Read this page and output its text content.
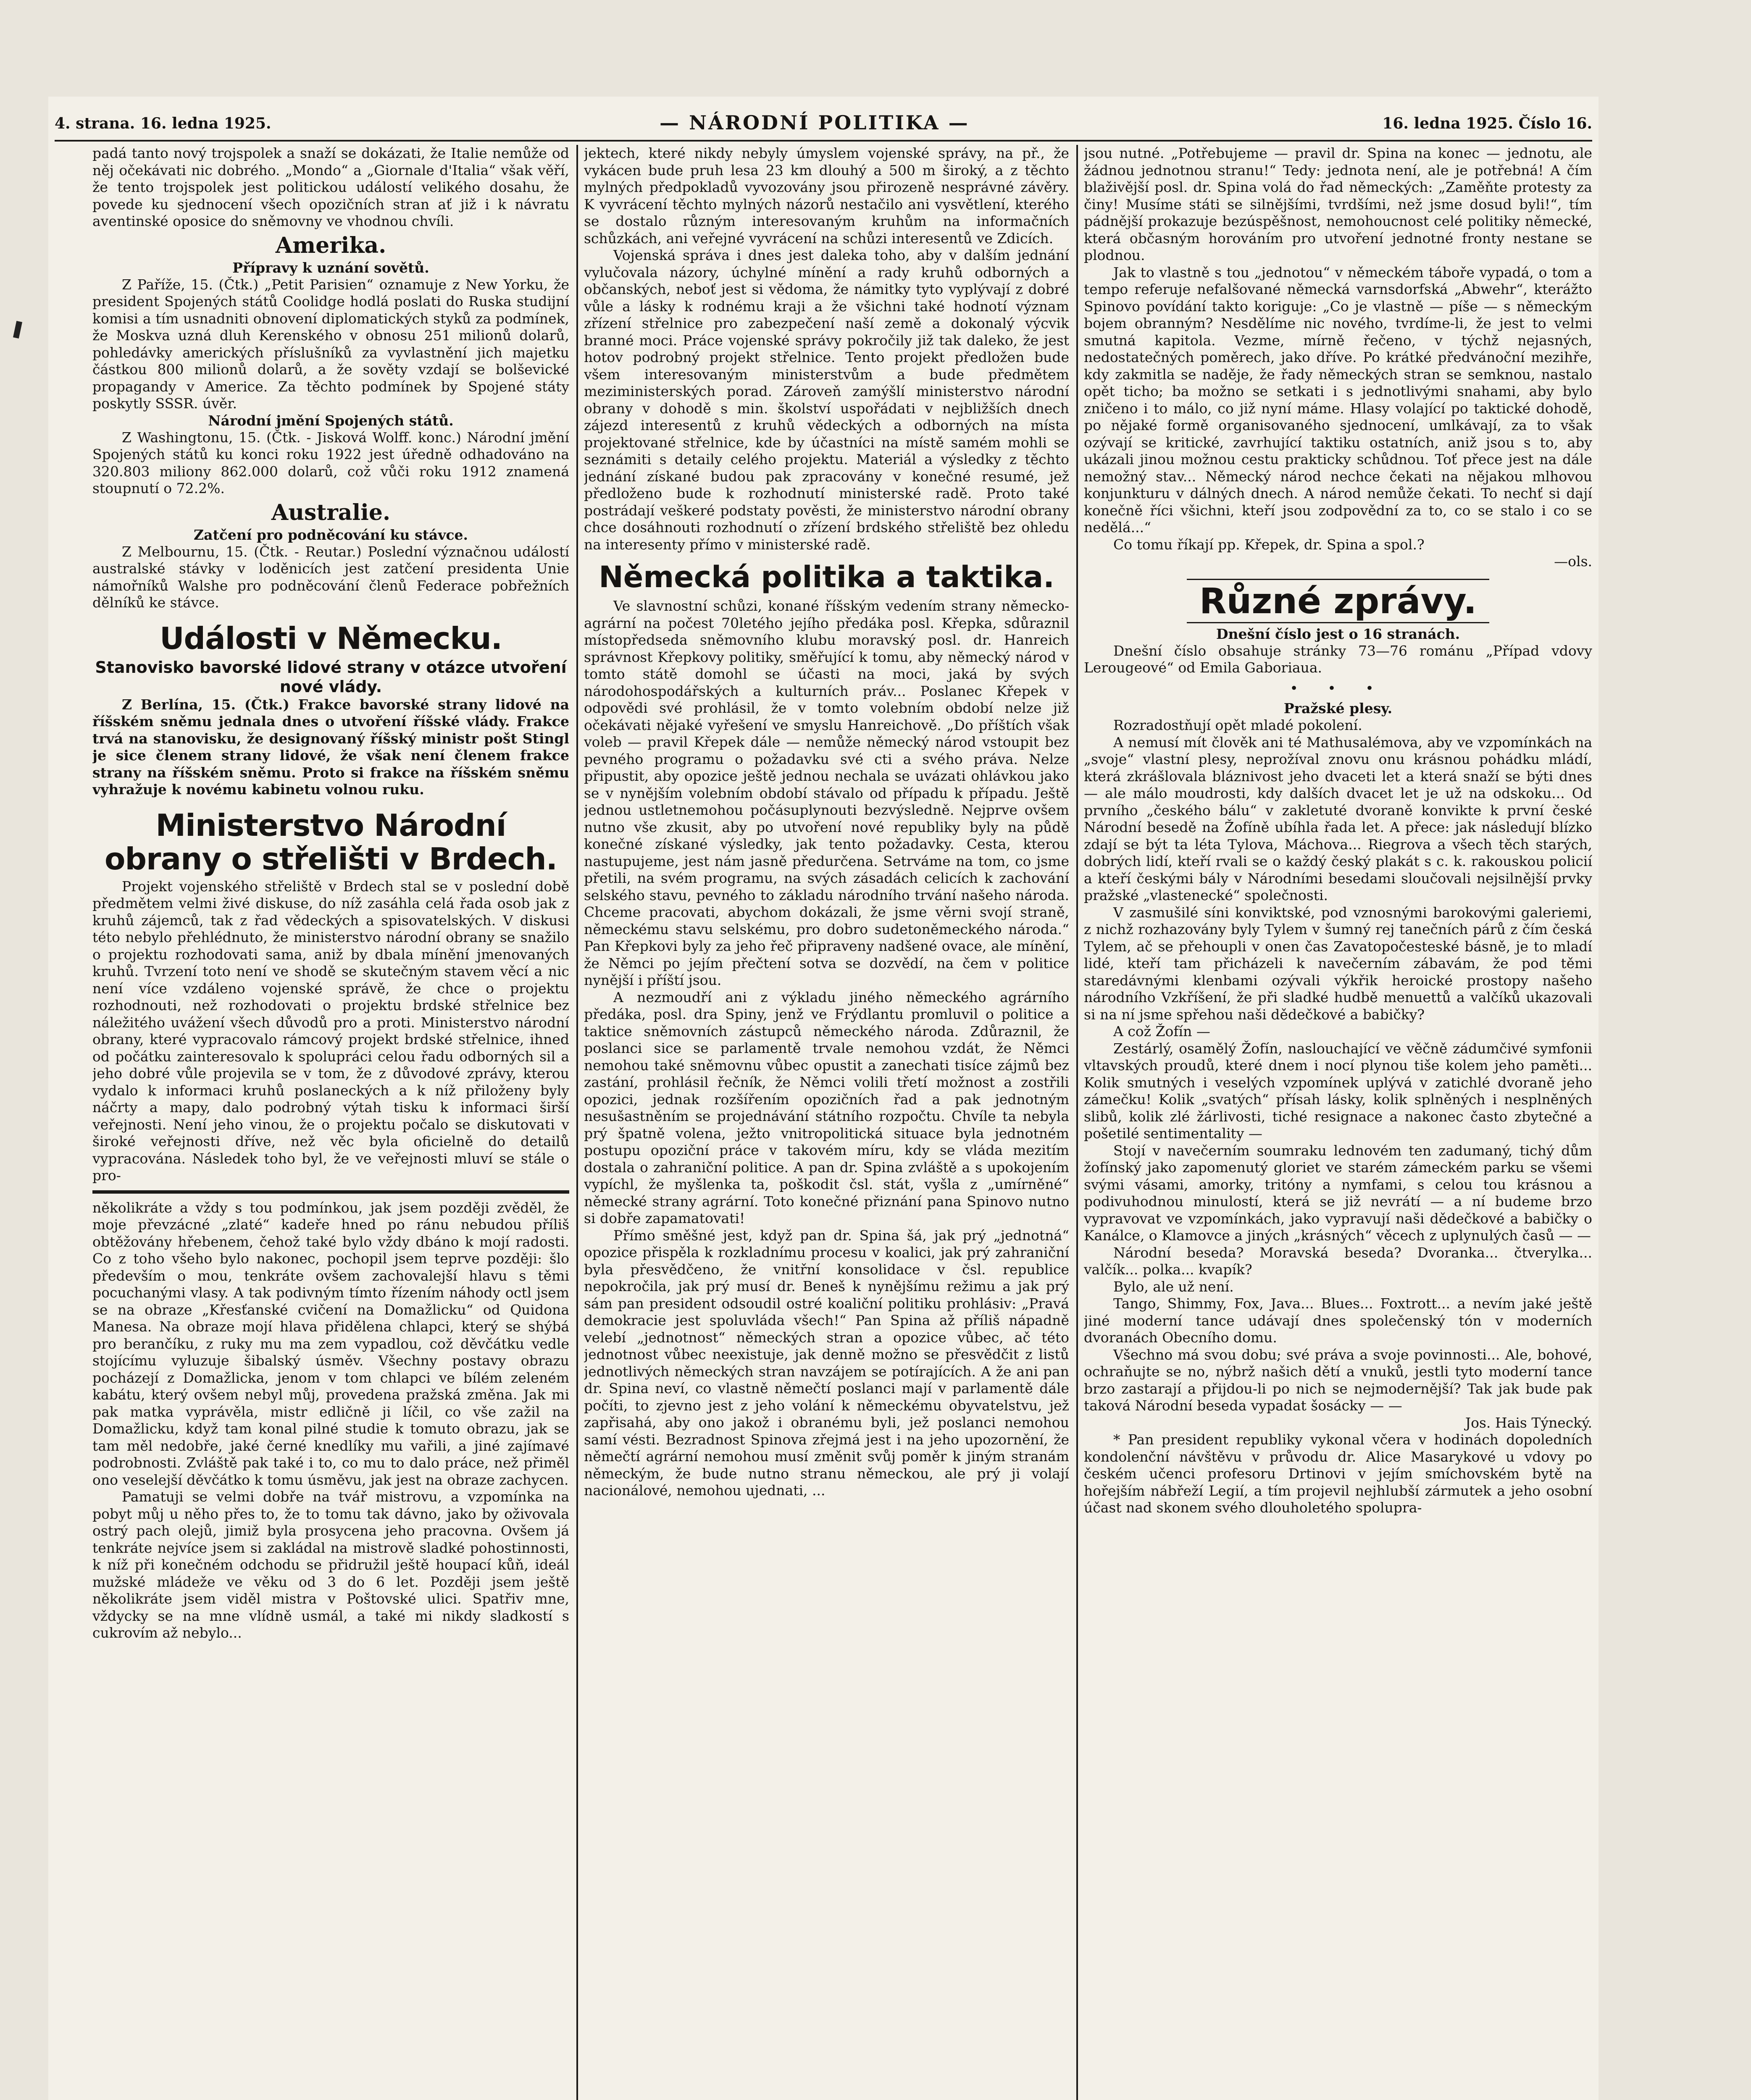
4. strana. 16. ledna 1925.	— NÁRODNÍ POLITIKA —	16. ledna 1925. Číslo 16.

padá tanto nový trojspolek a snaží se dokázati, že Italie nemůže od něj očekávati nic dobrého. „Mondo“ a „Giornale d'Italia“ však věří, že tento trojspolek jest politickou událostí velikého dosahu, že povede ku sjednocení všech opozičních stran ať již i k návratu aventinské oposice do sněmovny ve vhodnou chvíli.

Amerika.
Přípravy k uznání sovětů.

Z Paříže, 15. (Čtk.) „Petit Parisien“ oznamuje z New Yorku, že president Spojených států Coolidge hodlá poslati do Ruska studijní komisi a tím usnadniti obnovení diplomatických styků za podmínek, že Moskva uzná dluh Kerenského v obnosu 251 milionů dolarů, pohledávky amerických příslušníků za vyvlastnění jich majetku částkou 800 milionů dolarů, a že sověty vzdají se bolševické propagandy v Americe. Za těchto podmínek by Spojené státy poskytly SSSR. úvěr.

Národní jmění Spojených států.

Z Washingtonu, 15. (Čtk. - Jisková Wolff. konc.) Národní jmění Spojených států ku konci roku 1922 jest úředně odhadováno na 320.803 miliony 862.000 dolarů, což vůči roku 1912 znamená stoupnutí o 72.2%.

Australie.
Zatčení pro podněcování ku stávce.

Z Melbournu, 15. (Čtk. - Reutar.) Poslední význačnou událostí australské stávky v loděnicích jest zatčení presidenta Unie námořníků Walshe pro podněcování členů Federace pobřežních dělníků ke stávce.

Události v Německu.
Stanovisko bavorské lidové strany v otázce utvoření nové vlády.

Z Berlína, 15. (Čtk.) Frakce bavorské strany lidové na říšském sněmu jednala dnes o utvoření říšské vlády. Frakce trvá na stanovisku, že designovaný říšský ministr pošt Stingl je sice členem strany lidové, že však není členem frakce strany na říšském sněmu. Proto si frakce na říšském sněmu vyhražuje k novému kabinetu volnou ruku.

Ministerstvo Národní obrany o střelišti v Brdech.

Projekt vojenského střeliště v Brdech stal se v poslední době předmětem velmi živé diskuse, do níž zasáhla celá řada osob jak z kruhů zájemců, tak z řad vědeckých a spisovatelských. V diskusi této nebylo přehlédnuto, že ministerstvo národní obrany se snažilo o projektu rozhodovati sama, aniž by dbala mínění jmenovaných kruhů. Tvrzení toto není ve shodě se skutečným stavem věcí a nic není více vzdáleno vojenské správě, že chce o projektu rozhodnouti, než rozhodovati o projektu brdské střelnice bez náležitého uvážení všech důvodů pro a proti. Ministerstvo národní obrany, které vypracovalo rámcový projekt brdské střelnice, ihned od počátku zainteresovalo k spolupráci celou řadu odborných sil a jeho dobré vůle projevila se v tom, že z důvodové zprávy, kterou vydalo k informaci kruhů poslaneckých a k níž přiloženy byly náčrty a mapy, dalo podrobný výtah tisku k informaci širší veřejnosti. Není jeho vinou, že o projektu počalo se diskutovati v široké veřejnosti dříve, než věc byla oficielně do detailů vypracována. Následek toho byl, že ve veřejnosti mluví se stále o pro-

několikráte a vždy s tou podmínkou, jak jsem později zvěděl, že moje převzácné „zlaté“ kadeře hned po ránu nebudou příliš obtěžovány hřebenem, čehož také bylo vždy dbáno k mojí radosti. Co z toho všeho bylo nakonec, pochopil jsem teprve později: šlo především o mou, tenkráte ovšem zachovalejší hlavu s těmi pocuchanými vlasy. A tak podivným tímto řízením náhody octl jsem se na obraze „Křesťanské cvičení na Domažlicku“ od Quidona Manesa. Na obraze mojí hlava přidělena chlapci, který se shýbá pro berančíku, z ruky mu ma zem vypadlou, což děvčátku vedle stojícímu vyluzuje šibalský úsměv. Všechny postavy obrazu pocházejí z Domažlicka, jenom v tom chlapci ve bílém zeleném kabátu, který ovšem nebyl můj, provedena pražská změna. Jak mi pak matka vyprávěla, mistr edličně ji líčil, co vše zažil na Domažlicku, když tam konal pilné studie k tomuto obrazu, jak se tam měl nedobře, jaké černé knedlíky mu vařili, a jiné zajímavé podrobnosti. Zvláště pak také i to, co mu to dalo práce, než přiměl ono veselejší děvčátko k tomu úsměvu, jak jest na obraze zachycen.

Pamatuji se velmi dobře na tvář mistrovu, a vzpomínka na pobyt můj u něho přes to, že to tomu tak dávno, jako by oživovala ostrý pach olejů, jimiž byla prosycena jeho pracovna. Ovšem já tenkráte nejvíce jsem si zakládal na mistrově sladké pohostinnosti, k níž při konečném odchodu se přidružil ještě houpací kůň, ideál mužské mládeže ve věku od 3 do 6 let. Později jsem ještě několikráte jsem viděl mistra v Poštovské ulici. Spatřiv mne, vždycky se na mne vlídně usmál, a také mi nikdy sladkostí s cukrovím až nebylo...

jektech, které nikdy nebyly úmyslem vojenské správy, na př., že vykácen bude pruh lesa 23 km dlouhý a 500 m široký, a z těchto mylných předpokladů vyvozovány jsou přirozeně nesprávné závěry. K vyvrácení těchto mylných názorů nestačilo ani vysvětlení, kterého se dostalo různým interesovaným kruhům na informačních schůzkách, ani veřejné vyvrácení na schůzi interesentů ve Zdicích.

Vojenská správa i dnes jest daleka toho, aby v dalším jednání vylučovala názory, úchylné mínění a rady kruhů odborných a občanských, neboť jest si vědoma, že námitky tyto vyplývají z dobré vůle a lásky k rodnému kraji a že všichni také hodnotí význam zřízení střelnice pro zabezpečení naší země a dokonalý výcvik branné moci. Práce vojenské správy pokročily již tak daleko, že jest hotov podrobný projekt střelnice. Tento projekt předložen bude všem interesovaným ministerstvům a bude předmětem meziministerských porad. Zároveň zamýšlí ministerstvo národní obrany v dohodě s min. školství uspořádati v nejbližších dnech zájezd interesentů z kruhů vědeckých a odborných na místa projektované střelnice, kde by účastníci na místě samém mohli se seznámiti s detaily celého projektu. Materiál a výsledky z těchto jednání získané budou pak zpracovány v konečné resumé, jež předloženo bude k rozhodnutí ministerské radě. Proto také postrádají veškeré podstaty pověsti, že ministerstvo národní obrany chce dosáhnouti rozhodnutí o zřízení brdského střeliště bez ohledu na interesenty přímo v ministerské radě.

Německá politika a taktika.

Ve slavnostní schůzi, konané říšským vedením strany německo-agrární na počest 70letého jejího předáka posl. Křepka, sdůraznil místopředseda sněmovního klubu moravský posl. dr. Hanreich správnost Křepkovy politiky, směřující k tomu, aby německý národ v tomto státě domohl se účasti na moci, jaká by svých národohospodářských a kulturních práv... Poslanec Křepek v odpovědi své prohlásil, že v tomto volebním období nelze již očekávati nějaké vyřešení ve smyslu Hanreichově. „Do příštích však voleb — pravil Křepek dále — nemůže německý národ vstoupit bez pevného programu o požadavku své cti a svého práva. Nelze připustit, aby opozice ještě jednou nechala se uvázati ohlávkou jako se v nynějším volebním období stávalo od případu k případu. Ještě jednou ustletnemohou počásuplynouti bezvýsledně. Nejprve ovšem nutno vše zkusit, aby po utvoření nové republiky byly na půdě konečné získané výsledky, jak tento požadavky. Cesta, kterou nastupujeme, jest nám jasně předurčena. Setrváme na tom, co jsme přetili, na svém programu, na svých zásadách celicích k zachování selského stavu, pevného to základu národního trvání našeho národa. Chceme pracovati, abychom dokázali, že jsme věrni svojí straně, německému stavu selskému, pro dobro sudetoněmeckého národa.“ Pan Křepkovi byly za jeho řeč připraveny nadšené ovace, ale mínění, že Němci po jejím přečtení sotva se dozvědí, na čem v politice nynější i příští jsou.

A nezmoudří ani z výkladu jiného německého agrárního předáka, posl. dra Spiny, jenž ve Frýdlantu promluvil o politice a taktice sněmovních zástupců německého národa. Zdůraznil, že poslanci sice se parlamentě trvale nemohou vzdát, že Němci nemohou také sněmovnu vůbec opustit a zanechati tisíce zájmů bez zastání, prohlásil řečník, že Němci volili třetí možnost a zostřili opozici, jednak rozšířením opozičních řad a pak jednotným nesušastněním se projednávání státního rozpočtu. Chvíle ta nebyla prý špatně volena, ježto vnitropolitická situace byla jednotném postupu opoziční práce v takovém míru, kdy se vláda mezitím dostala o zahraniční politice. A pan dr. Spina zvláště a s upokojením vypíchl, že myšlenka ta, poškodit čsl. stát, vyšla z „umírněné“ německé strany agrární. Toto konečné přiznání pana Spinovo nutno si dobře zapamatovati!

Přímo směšné jest, když pan dr. Spina šá, jak prý „jednotná“ opozice přispěla k rozkladnímu procesu v koalici, jak prý zahraniční byla přesvědčeno, že vnitřní konsolidace v čsl. republice nepokročila, jak prý musí dr. Beneš k nynějšímu režimu a jak prý sám pan president odsoudil ostré koaliční politiku prohlásiv: „Pravá demokracie jest spoluvláda všech!“ Pan Spina až příliš nápadně velebí „jednotnost“ německých stran a opozice vůbec, ač této jednotnost vůbec neexistuje, jak denně možno se přesvědčit z listů jednotlivých německých stran navzájem se potírajících. A že ani pan dr. Spina neví, co vlastně němečtí poslanci mají v parlamentě dále počíti, to zjevno jest z jeho volání k německému obyvatelstvu, jež zapřisahá, aby ono jakož i obranému byli, jež poslanci nemohou samí vésti. Bezradnost Spinova zřejmá jest i na jeho upozornění, že němečtí agrární nemohou musí změnit svůj poměr k jiným stranám německým, že bude nutno stranu německou, ale prý ji volají nacionálové, nemohou ujednati, ...

jsou nutné. „Potřebujeme — pravil dr. Spina na konec — jednotu, ale žádnou jednotnou stranu!“ Tedy: jednota není, ale je potřebná! A čím blaživější posl. dr. Spina volá do řad německých: „Zaměňte protesty za činy! Musíme státi se silnějšími, tvrdšími, než jsme dosud byli!“, tím pádnější prokazuje bezúspěšnost, nemohoucnost celé politiky německé, která občasným horováním pro utvoření jednotné fronty nestane se plodnou.

Jak to vlastně s tou „jednotou“ v německém táboře vypadá, o tom a tempo referuje nefalšované německá varnsdorfská „Abwehr“, kterážto Spinovo povídání takto koriguje: „Co je vlastně — píše — s německým bojem obranným? Nesdělíme nic nového, tvrdíme-li, že jest to velmi smutná kapitola. Vezme, mírně řečeno, v týchž nejasných, nedostatečných poměrech, jako dříve. Po krátké předvánoční mezihře, kdy zakmitla se naděje, že řady německých stran se semknou, nastalo opět ticho; ba možno se setkati i s jednotlivými snahami, aby bylo zničeno i to málo, co již nyní máme. Hlasy volající po taktické dohodě, po nějaké formě organisovaného sjednocení, umlkávají, za to však ozývají se kritické, zavrhující taktiku ostatních, aniž jsou s to, aby ukázali jinou možnou cestu prakticky schůdnou. Toť přece jest na dále nemožný stav... Německý národ nechce čekati na nějakou mlhovou konjunkturu v dálných dnech. A národ nemůže čekati. To nechť si dají konečně říci všichni, kteří jsou zodpovědní za to, co se stalo i co se nedělá...“

Co tomu říkají pp. Křepek, dr. Spina a spol.?

—ols.
Různé zprávy.
Dnešní číslo jest o 16 stranách.

Dnešní číslo obsahuje stránky 73—76 románu „Případ vdovy Lerougeové“ od Emila Gaboriaua.

• • •
Pražské plesy.

Rozradostňují opět mladé pokolení.

A nemusí mít člověk ani té Mathusalémova, aby ve vzpomínkách na „svoje“ vlastní plesy, neprožíval znovu onu krásnou pohádku mládí, která zkrášlovala bláznivost jeho dvaceti let a která snaží se býti dnes — ale málo moudrosti, kdy dalších dvacet let je už na odskoku... Od prvního „českého bálu“ v zakletuté dvoraně konvikte k první české Národní besedě na Žofíně ubíhla řada let. A přece: jak následují blízko zdají se být ta léta Tylova, Máchova... Riegrova a všech těch starých, dobrých lidí, kteří rvali se o každý český plakát s c. k. rakouskou policií a kteří českými bály v Národními besedami sloučovali nejsilnější prvky pražské „vlastenecké“ společnosti.

V zasmušilé síni konviktské, pod vznosnými barokovými galeriemi, z nichž rozhazovány byly Tylem v šumný rej tanečních párů z čím česká Tylem, ač se přehoupli v onen čas Zavatopočesteské básně, je to mladí lidé, kteří tam přicházeli k navečerním zábavám, že pod těmi staredávnými klenbami ozývali výkřik heroické prostopy našeho národního Vzkříšení, že při sladké hudbě menuettů a valčíků ukazovali si na ní jsme spřehou naši dědečkové a babičky?

A což Žofín —

Zestárlý, osamělý Žofín, naslouchající ve věčně zádumčivé symfonii vltavských proudů, které dnem i nocí plynou tiše kolem jeho paměti... Kolik smutných i veselých vzpomínek uplývá v zatichlé dvoraně jeho zámečku! Kolik „svatých“ přísah lásky, kolik splněných i nesplněných slibů, kolik zlé žárlivosti, tiché resignace a nakonec často zbytečné a pošetilé sentimentality —

Stojí v navečerním soumraku lednovém ten zadumaný, tichý dům žofínský jako zapomenutý gloriet ve starém zámeckém parku se všemi svými vásami, amorky, tritóny a nymfami, s celou tou krásnou a podivuhodnou minulostí, která se již nevrátí — a ní budeme brzo vypravovat ve vzpomínkách, jako vypravují naši dědečkové a babičky o Kanálce, o Klamovce a jiných „krásných“ věcech z uplynulých časů — —

Národní beseda? Moravská beseda? Dvoranka... čtverylka... valčík... polka... kvapík?

Bylo, ale už není.

Tango, Shimmy, Fox, Java... Blues... Foxtrott... a nevím jaké ještě jiné moderní tance udávají dnes společenský tón v moderních dvoranách Obecního domu.

Všechno má svou dobu; své práva a svoje povinnosti... Ale, bohové, ochraňujte se no, nýbrž našich dětí a vnuků, jestli tyto moderní tance brzo zastarají a přijdou-li po nich se nejmodernější? Tak jak bude pak taková Národní beseda vypadat šosácky — —

Jos. Hais Týnecký.

* Pan president republiky vykonal včera v hodinách dopoledních kondolenční návštěvu v průvodu dr. Alice Masarykové u vdovy po českém učenci profesoru Drtinovi v jejím smíchovském bytě na hořejším nábřeží Legií, a tím projevil nejhlubší zármutek a jeho osobní účast nad skonem svého dlouholetého spolupra-
